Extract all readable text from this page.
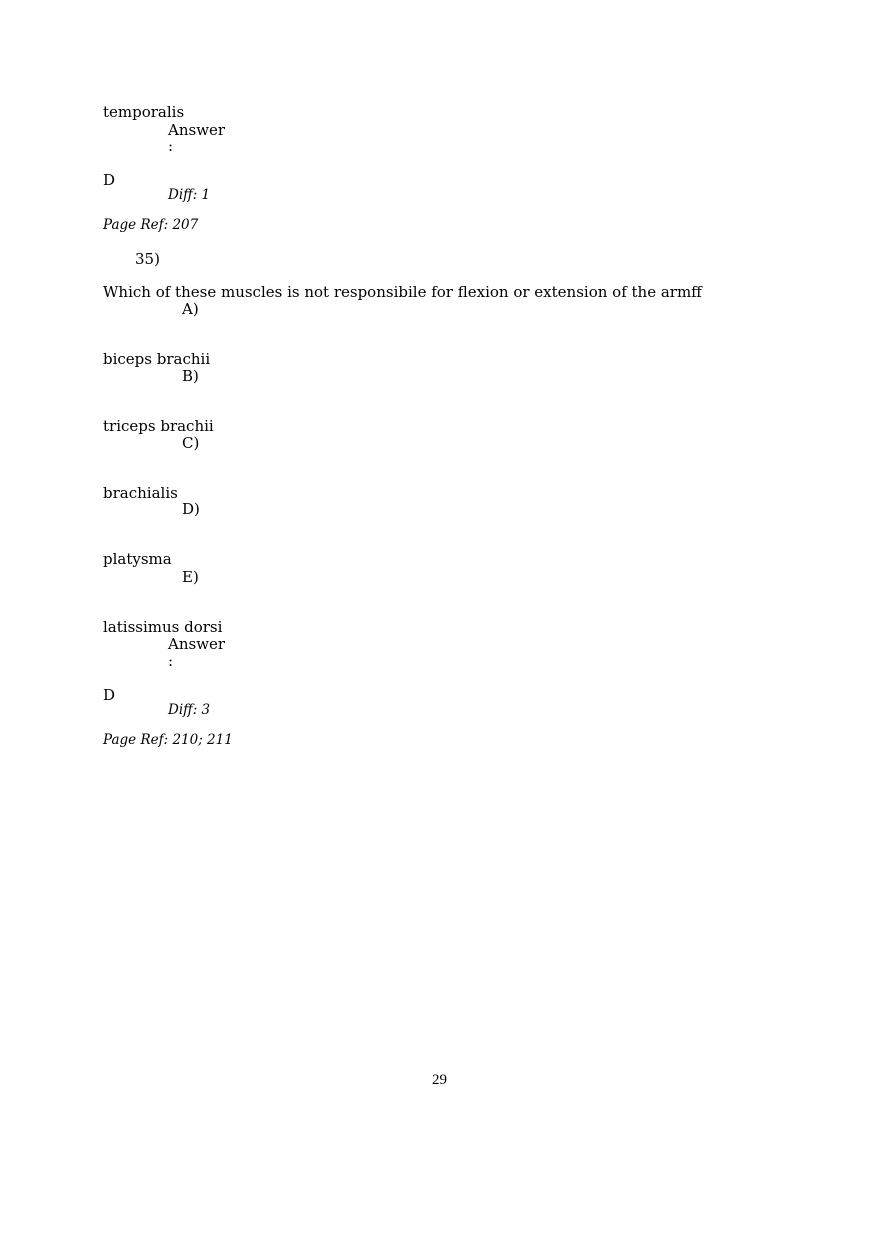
temporalis
Answer
:
D
Diff: 1
Page Ref: 207
35)
Which of these muscles is not responsibile for flexion or extension of the armff
A)
biceps brachii
B)
triceps brachii
C)
brachialis
D)
platysma
E)
latissimus dorsi
Answer
:
D
Diff: 3
Page Ref: 210; 211
29
